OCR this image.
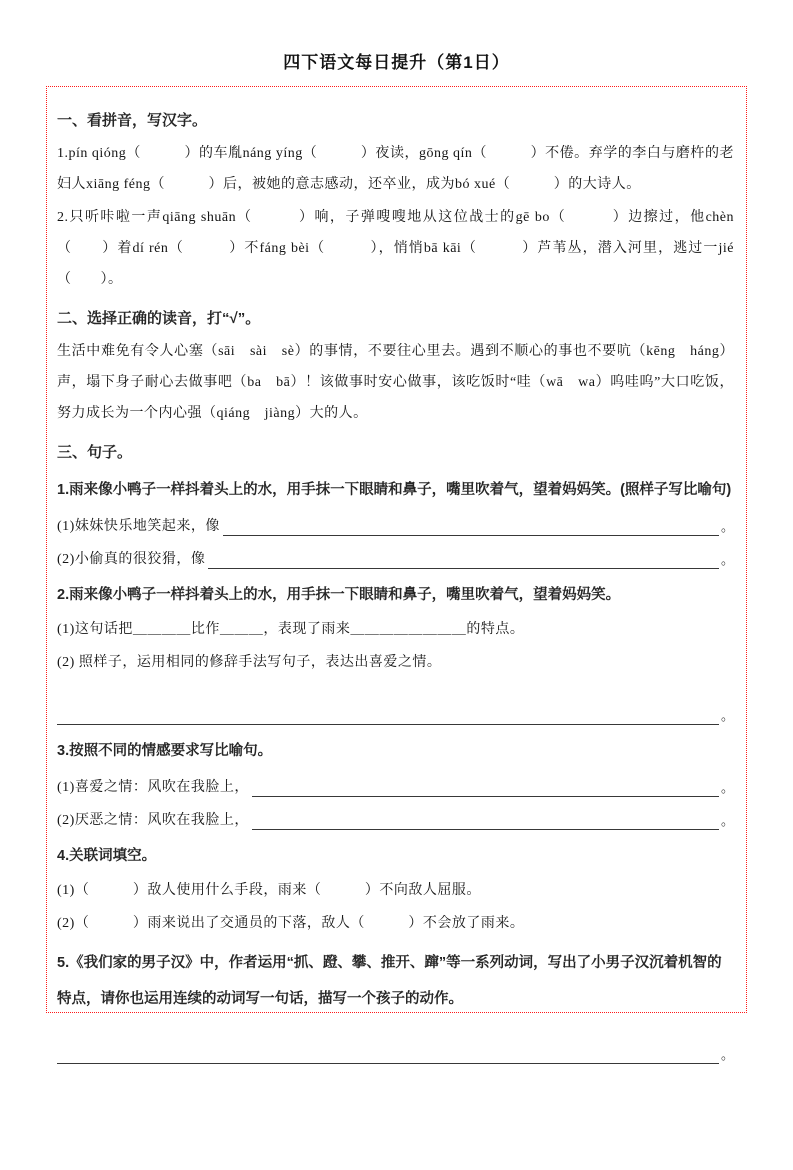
四下语文每日提升（第1日）
一、看拼音，写汉字。
1.pín qióng（　　　）的车胤náng yíng（　　　）夜读，gōng qín（　　　）不倦。弃学的李白与磨杵的老妇人xiāng féng（　　　）后，被她的意志感动，还卒业，成为bó xué（　　　）的大诗人。
2.只听咔啦一声qiāng shuān（　　　）响，子弹嗖嗖地从这位战士的gē bo（　　　）边擦过，他chèn（　　）着dí rén（　　　）不fáng bèi（　　　），悄悄bā kāi（　　　）芦苇丛，潜入河里，逃过一jié（　　）。
二、选择正确的读音，打“√”。
生活中难免有令人心塞（sāi　sài　sè）的事情，不要往心里去。遇到不顺心的事也不要吭（kēng　háng）声，塌下身子耐心去做事吧（ba　bā）！该做事时安心做事，该吃饭时“哇（wā　wa）呜哇呜”大口吃饭，努力成长为一个内心强（qiáng　jiàng）大的人。
三、句子。
1.雨来像小鸭子一样抖着头上的水，用手抹一下眼睛和鼻子，嘴里吹着气，望着妈妈笑。(照样子写比喻句)
(1)妹妹快乐地笑起来，像	。
(2)小偷真的很狡猾，像	。
2.雨来像小鸭子一样抖着头上的水，用手抹一下眼睛和鼻子，嘴里吹着气，望着妈妈笑。
(1)这句话把＿＿＿＿比作＿＿＿，表现了雨来＿＿＿＿＿＿＿＿的特点。
(2) 照样子，运用相同的修辞手法写句子，表达出喜爱之情。
。
3.按照不同的情感要求写比喻句。
(1)喜爱之情：风吹在我脸上，	。
(2)厌恶之情：风吹在我脸上，	。
4.关联词填空。
(1)（　　　）敌人使用什么手段，雨来（　　　）不向敌人屈服。
(2)（　　　）雨来说出了交通员的下落，敌人（　　　）不会放了雨来。
5.《我们家的男子汉》中，作者运用“抓、蹬、攀、推开、蹿”等一系列动词，写出了小男子汉沉着机智的特点，请你也运用连续的动词写一句话，描写一个孩子的动作。
。
